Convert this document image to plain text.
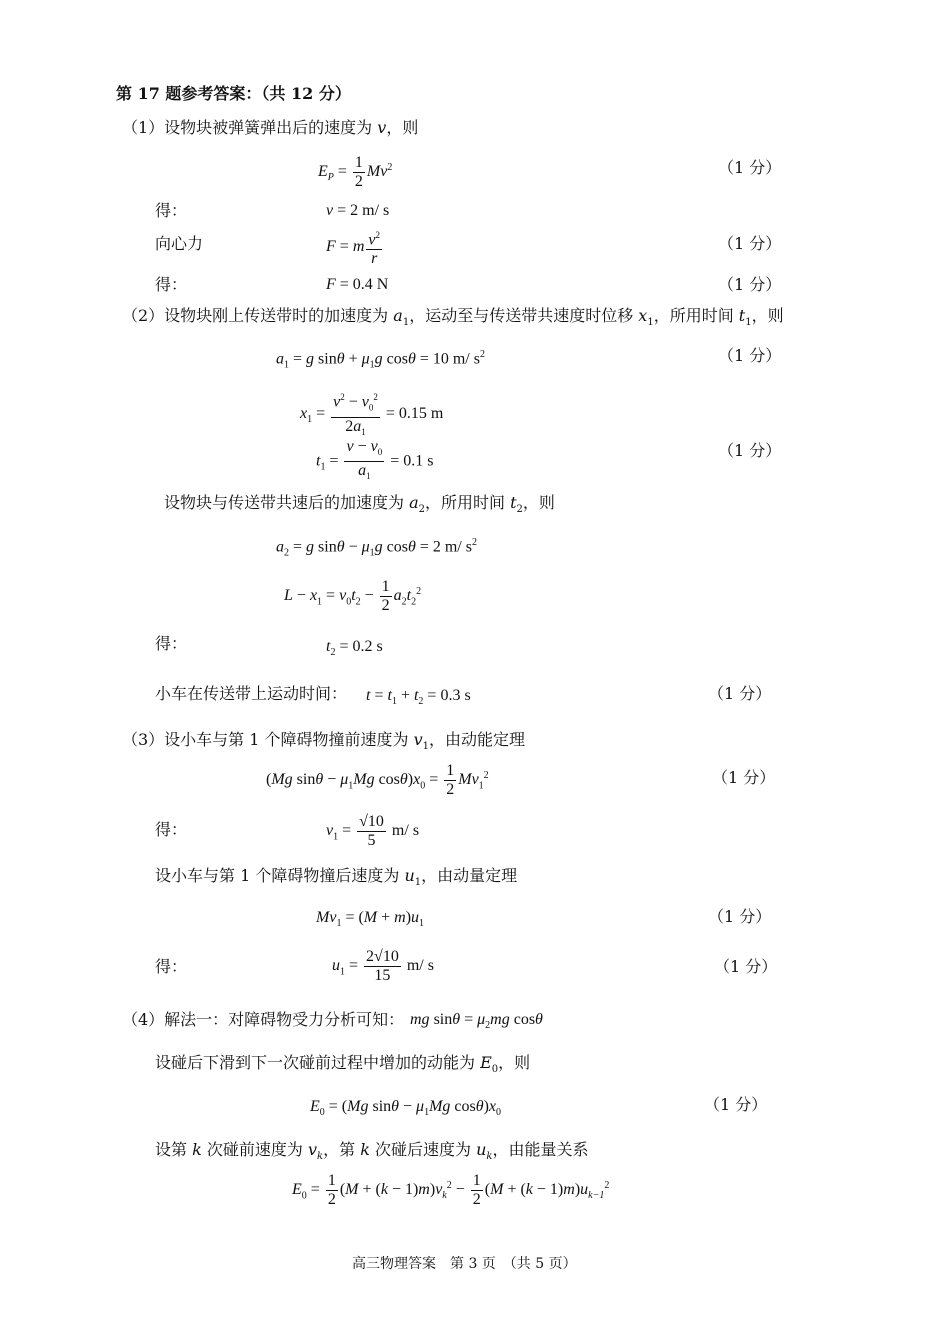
第 17 题参考答案：（共 12 分）
（1）设物块被弹簧弹出后的速度为 v，则
$E_P = \frac{1}{2} Mv^2$	（1 分）
得：	v = 2 m/ s
向心力	F = m $\frac{v^2}{r}$	（1 分）
得：	F = 0.4 N	（1 分）
（2）设物块刚上传送带时的加速度为 $a_1$，运动至与传送带共速度时位移 $x_1$，所用时间 $t_1$，则
$a_1 = g$ $\sin\theta + \mu_1g$ cosθ = 10 m/ $s^2$	（1 分）
$x_1 = \frac{v^2 - v_0^2}{2a_1} = 0.15$ m
$t_1 = \frac{v - v_0}{a_1} = 0.1$ s
（1 分）
设物块与传送带共速后的加速度为 $a_2$，所用时间 $t_2$，则
$a_2 = g$ $\sin\theta - \mu_1g$ cosθ = 2 m/ $s^2$
$L - x_1 = v_0t_2 - \frac{1}{2} a_2t_2^2$
得：	$t_2 = 0.2$ s
小车在传送带上运动时间： $t = t_1 + t_2 = 0.3$ s	（1 分）
（3）设小车与第 1 个障碍物撞前速度为 $v_1$，由动能定理
(Mg $\sin\theta - \mu_1Mg$ $\cos\theta)x_0 = \frac{1}{2} Mv_1^2$	（1 分）
得：	$v_1 = \frac{√10}{5} m/$ s
设小车与第 1 个障碍物撞后速度为 $u_1$，由动量定理
$Mv_1 = (M + m)u_1$	（1 分）
得：	$u_1 = \frac{2√10}{15} m/$ s	（1 分）
（4）解法一：对障碍物受力分析可知： mg $\sin\theta = \mu_2mg$ cosθ
设碰后下滑到下一次碰前过程中增加的动能为 $E_0$，则
$E_0 = (Mg$ $\sin\theta - \mu_1Mg$ $\cos\theta)x_0$	（1 分）
设第 k 次碰前速度为 $v_k$，第 k 次碰后速度为 $u_k$，由能量关系
$E_0 = \frac{1}{2} (M + (k - 1)m)v_k^2 - \frac{1}{2} (M + (k - 1)m)u_{k-1}^2$
高三物理答案　第 3 页　（共 5 页）
